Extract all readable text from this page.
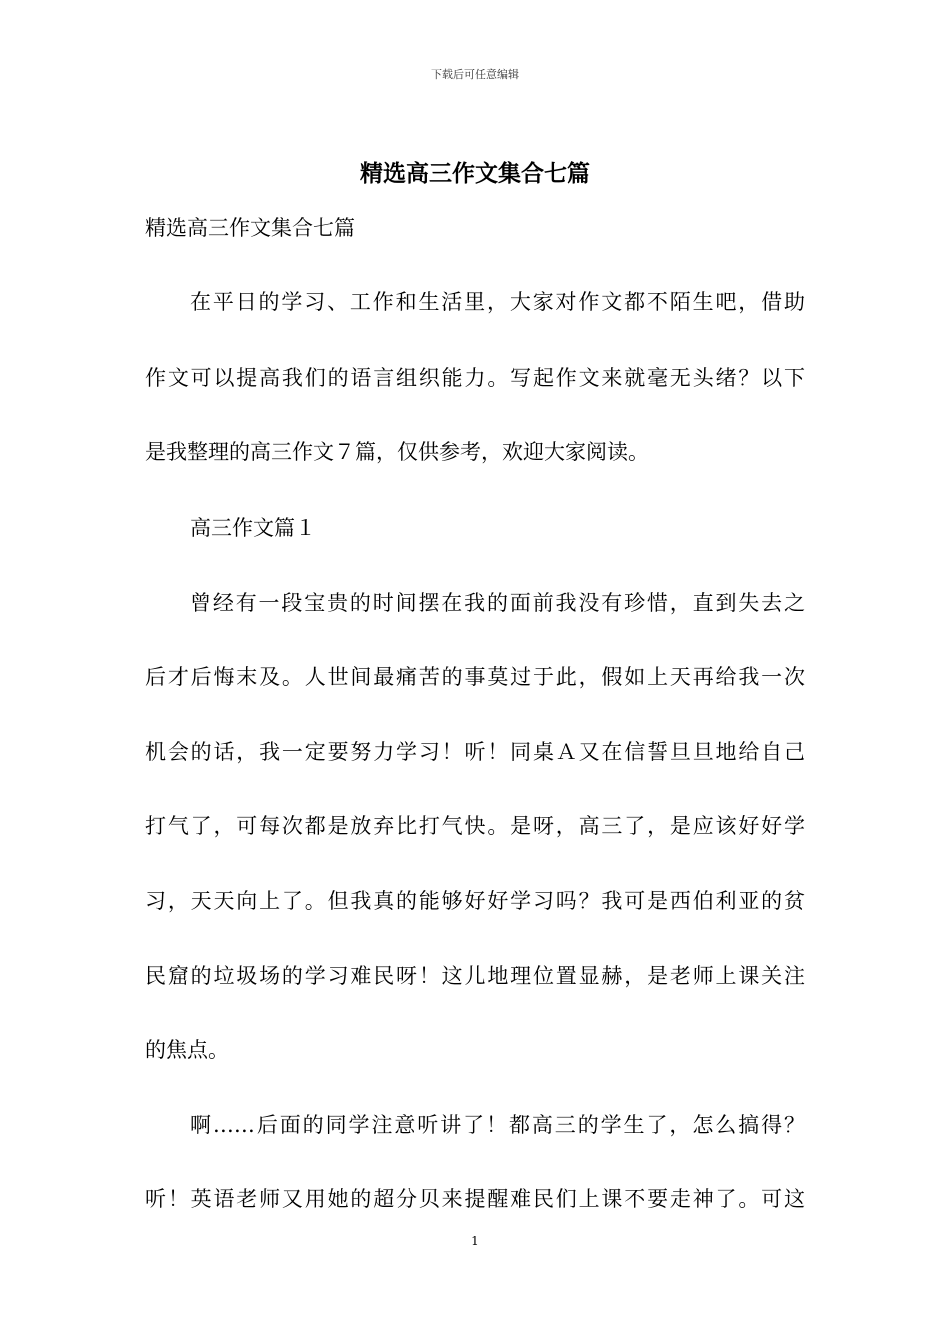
下载后可任意编辑
精选高三作文集合七篇
精选高三作文集合七篇
在平日的学习、工作和生活里，大家对作文都不陌生吧，借助
作文可以提高我们的语言组织能力。写起作文来就毫无头绪？以下
是我整理的高三作文７篇，仅供参考，欢迎大家阅读。
高三作文篇１
曾经有一段宝贵的时间摆在我的面前我没有珍惜，直到失去之
后才后悔末及。人世间最痛苦的事莫过于此，假如上天再给我一次
机会的话，我一定要努力学习！听！同桌Ａ又在信誓旦旦地给自己
打气了，可每次都是放弃比打气快。是呀，高三了，是应该好好学
习，天天向上了。但我真的能够好好学习吗？我可是西伯利亚的贫
民窟的垃圾场的学习难民呀！这儿地理位置显赫，是老师上课关注
的焦点。
啊……后面的同学注意听讲了！都高三的学生了，怎么搞得？
听！英语老师又用她的超分贝来提醒难民们上课不要走神了。可这
1
